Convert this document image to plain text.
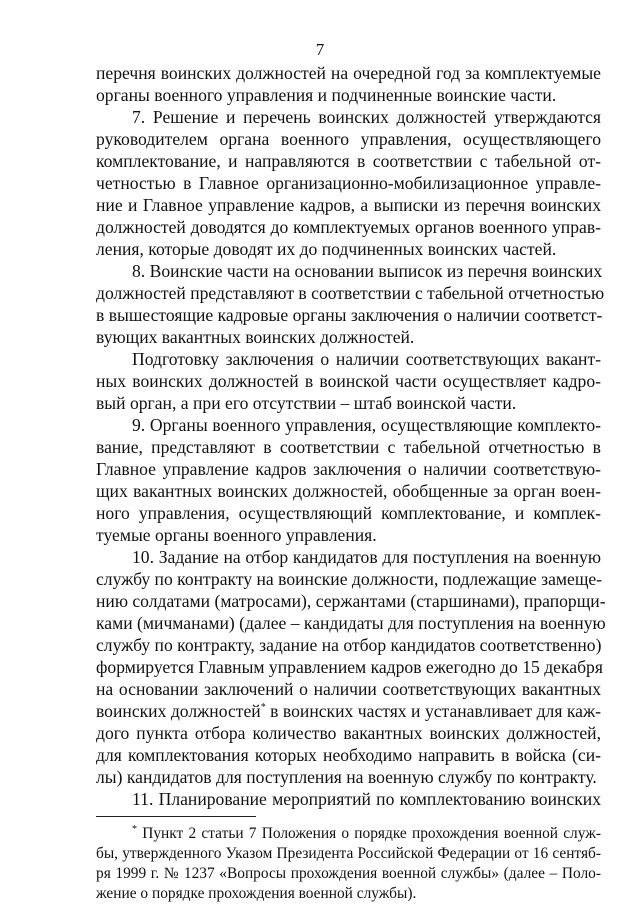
7
перечня воинских должностей на очередной год за комплектуемые
органы военного управления и подчиненные воинские части.
7. Решение и перечень воинских должностей утверждаются
руководителем органа военного управления, осуществляющего
комплектование, и направляются в соответствии с табельной от-
четностью в Главное организационно-мобилизационное управле-
ние и Главное управление кадров, а выписки из перечня воинских
должностей доводятся до комплектуемых органов военного управ-
ления, которые доводят их до подчиненных воинских частей.
8. Воинские части на основании выписок из перечня воинских
должностей представляют в соответствии с табельной отчетностью
в вышестоящие кадровые органы заключения о наличии соответст-
вующих вакантных воинских должностей.
Подготовку заключения о наличии соответствующих вакант-
ных воинских должностей в воинской части осуществляет кадро-
вый орган, а при его отсутствии – штаб воинской части.
9. Органы военного управления, осуществляющие комплекто-
вание, представляют в соответствии с табельной отчетностью в
Главное управление кадров заключения о наличии соответствую-
щих вакантных воинских должностей, обобщенные за орган воен-
ного управления, осуществляющий комплектование, и комплек-
туемые органы военного управления.
10. Задание на отбор кандидатов для поступления на военную
службу по контракту на воинские должности, подлежащие замеще-
нию солдатами (матросами), сержантами (старшинами), прапорщи-
ками (мичманами) (далее – кандидаты для поступления на военную
службу по контракту, задание на отбор кандидатов соответственно)
формируется Главным управлением кадров ежегодно до 15 декабря
на основании заключений о наличии соответствующих вакантных
воинских должностей* в воинских частях и устанавливает для каж-
дого пункта отбора количество вакантных воинских должностей,
для комплектования которых необходимо направить в войска (си-
лы) кандидатов для поступления на военную службу по контракту.
11. Планирование мероприятий по комплектованию воинских
* Пункт 2 статьи 7 Положения о порядке прохождения военной служ-
бы, утвержденного Указом Президента Российской Федерации от 16 сентяб-
ря 1999 г. № 1237 «Вопросы прохождения военной службы» (далее – Поло-
жение о порядке прохождения военной службы).
